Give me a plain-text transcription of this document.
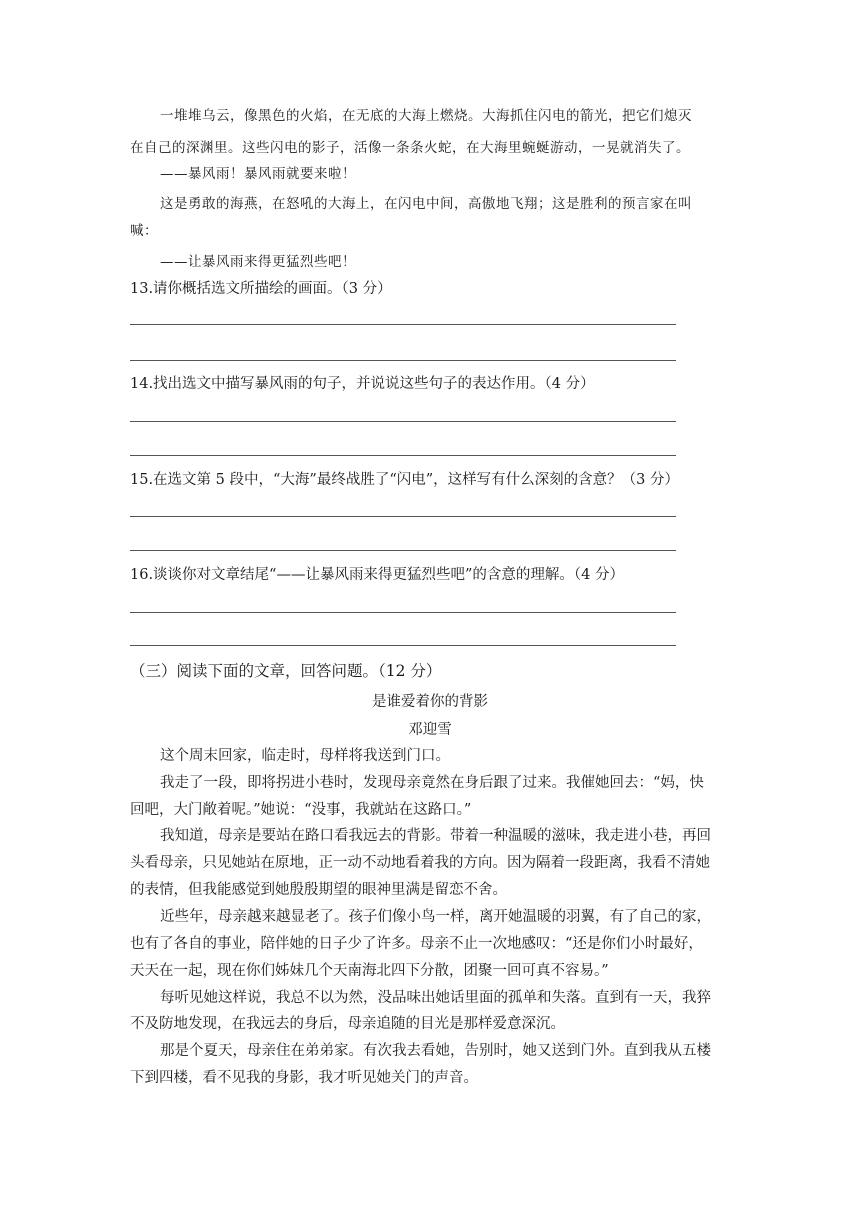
一堆堆乌云，像黑色的火焰，在无底的大海上燃烧。大海抓住闪电的箭光，把它们熄灭
在自己的深渊里。这些闪电的影子，活像一条条火蛇，在大海里蜿蜒游动，一晃就消失了。
——暴风雨！暴风雨就要来啦！
这是勇敢的海燕，在怒吼的大海上，在闪电中间，高傲地飞翔；这是胜利的预言家在叫
喊：
——让暴风雨来得更猛烈些吧！
13.请你概括选文所描绘的画面。（3 分）
14.找出选文中描写暴风雨的句子，并说说这些句子的表达作用。（4 分）
15.在选文第 5 段中，“大海”最终战胜了“闪电”，这样写有什么深刻的含意？（3 分）
16.谈谈你对文章结尾“——让暴风雨来得更猛烈些吧”的含意的理解。（4 分）
（三）阅读下面的文章，回答问题。（12 分）
是谁爱着你的背影
邓迎雪
这个周末回家，临走时，母样将我送到门口。
我走了一段，即将拐进小巷时，发现母亲竟然在身后跟了过来。我催她回去：“妈，快
回吧，大门敞着呢。”她说：“没事，我就站在这路口。”
我知道，母亲是要站在路口看我远去的背影。带着一种温暖的滋味，我走进小巷，再回
头看母亲，只见她站在原地，正一动不动地看着我的方向。因为隔着一段距离，我看不清她
的表情，但我能感觉到她殷殷期望的眼神里满是留恋不舍。
近些年，母亲越来越显老了。孩子们像小鸟一样，离开她温暖的羽翼，有了自己的家，
也有了各自的事业，陪伴她的日子少了许多。母亲不止一次地感叹：“还是你们小时最好，
天天在一起，现在你们姊妹几个天南海北四下分散，团聚一回可真不容易。”
每听见她这样说，我总不以为然，没品味出她话里面的孤单和失落。直到有一天，我猝
不及防地发现，在我远去的身后，母亲追随的目光是那样爱意深沉。
那是个夏天，母亲住在弟弟家。有次我去看她，告别时，她又送到门外。直到我从五楼
下到四楼，看不见我的身影，我才听见她关门的声音。
